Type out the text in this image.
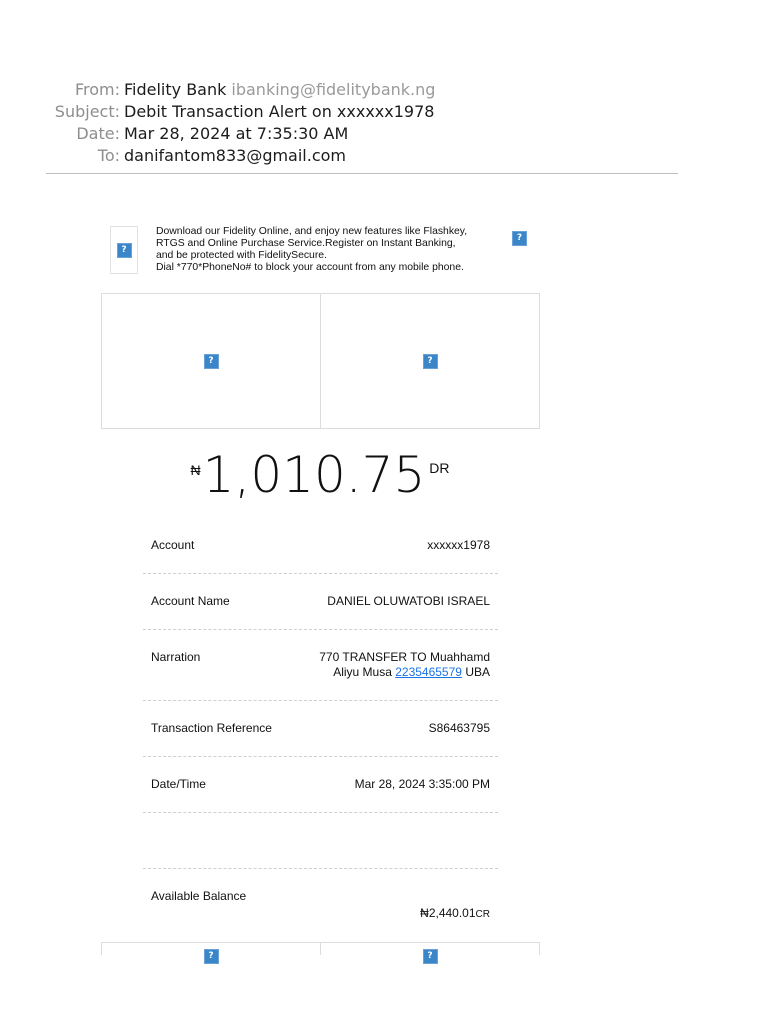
From: Fidelity Bank ibanking@fidelitybank.ng
Subject: Debit Transaction Alert on xxxxxx1978
Date: Mar 28, 2024 at 7:35:30 AM
To: danifantom833@gmail.com
?
Download our Fidelity Online, and enjoy new features like Flashkey,
RTGS and Online Purchase Service.Register on Instant Banking,
and be protected with FidelitySecure.
Dial *770*PhoneNo# to block your account from any mobile phone.
?
?	?
₦ 1,010.75 DR
Account	xxxxxx1978
Account Name	DANIEL OLUWATOBI ISRAEL
Narration	770 TRANSFER TO Muahhamd
Aliyu Musa 2235465579 UBA
Transaction Reference	S86463795
Date/Time	Mar 28, 2024 3:35:00 PM
Available Balance
₦2,440.01CR
?	?
